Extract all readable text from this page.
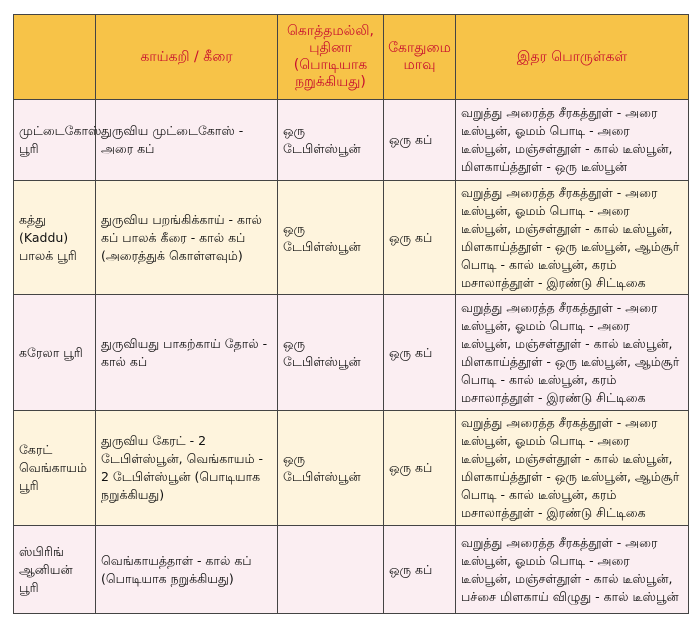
	காய்கறி / கீரை	கொத்தமல்லி, புதினா (பொடியாக நறுக்கியது)	கோதுமை மாவு	இதர பொருள்கள்
முட்டைகோஸ் பூரி	துருவிய முட்டைகோஸ் - அரை கப்	ஒரு டேபிள்ஸ்பூன்	ஒரு கப்	வறுத்து அரைத்த சீரகத்தூள் - அரை டீஸ்பூன், ஓமம் பொடி - அரை டீஸ்பூன், மஞ்சள்தூள் - கால் டீஸ்பூன், மிளகாய்த்தூள் - ஒரு டீஸ்பூன்
கத்து (Kaddu) பாலக் பூரி	துருவிய பறங்கிக்காய் - கால் கப் பாலக் கீரை - கால் கப் (அரைத்துக் கொள்ளவும்)	ஒரு டேபிள்ஸ்பூன்	ஒரு கப்	வறுத்து அரைத்த சீரகத்தூள் - அரை டீஸ்பூன், ஓமம் பொடி - அரை டீஸ்பூன், மஞ்சள்தூள் - கால் டீஸ்பூன், மிளகாய்த்தூள் - ஒரு டீஸ்பூன், ஆம்சூர் பொடி - கால் டீஸ்பூன், கரம் மசாலாத்தூள் - இரண்டு சிட்டிகை
கரேலா பூரி	துருவியது பாகற்காய் தோல் - கால் கப்	ஒரு டேபிள்ஸ்பூன்	ஒரு கப்	வறுத்து அரைத்த சீரகத்தூள் - அரை டீஸ்பூன், ஓமம் பொடி - அரை டீஸ்பூன், மஞ்சள்தூள் - கால் டீஸ்பூன், மிளகாய்த்தூள் - ஒரு டீஸ்பூன், ஆம்சூர் பொடி - கால் டீஸ்பூன், கரம் மசாலாத்தூள் - இரண்டு சிட்டிகை
கேரட் வெங்காயம் பூரி	துருவிய கேரட் - 2 டேபிள்ஸ்பூன், வெங்காயம் - 2 டேபிள்ஸ்பூன் (பொடியாக நறுக்கியது)	ஒரு டேபிள்ஸ்பூன்	ஒரு கப்	வறுத்து அரைத்த சீரகத்தூள் - அரை டீஸ்பூன், ஓமம் பொடி - அரை டீஸ்பூன், மஞ்சள்தூள் - கால் டீஸ்பூன், மிளகாய்த்தூள் - ஒரு டீஸ்பூன், ஆம்சூர் பொடி - கால் டீஸ்பூன், கரம் மசாலாத்தூள் - இரண்டு சிட்டிகை
ஸ்பிரிங் ஆனியன் பூரி	வெங்காயத்தாள் - கால் கப் (பொடியாக நறுக்கியது)		ஒரு கப்	வறுத்து அரைத்த சீரகத்தூள் - அரை டீஸ்பூன், ஓமம் பொடி - அரை டீஸ்பூன், மஞ்சள்தூள் - கால் டீஸ்பூன், பச்சை மிளகாய் விழுது - கால் டீஸ்பூன்
